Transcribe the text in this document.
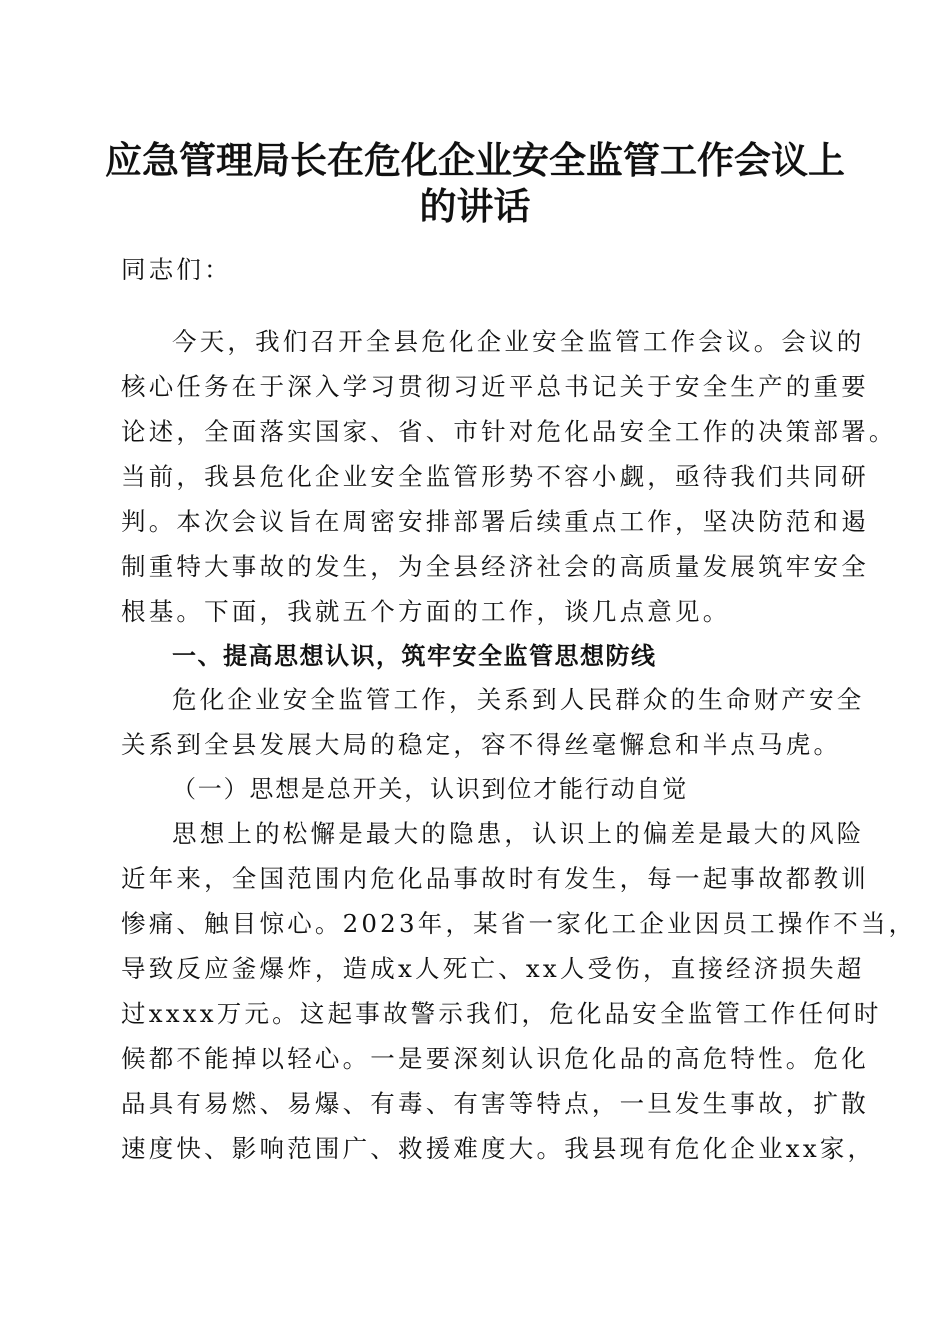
应急管理局长在危化企业安全监管工作会议上
的讲话
同志们：
今天，我们召开全县危化企业安全监管工作会议。会议的
核心任务在于深入学习贯彻习近平总书记关于安全生产的重要
论述，全面落实国家、省、市针对危化品安全工作的决策部署。
当前，我县危化企业安全监管形势不容小觑，亟待我们共同研
判。本次会议旨在周密安排部署后续重点工作，坚决防范和遏
制重特大事故的发生，为全县经济社会的高质量发展筑牢安全
根基。下面，我就五个方面的工作，谈几点意见。
一、提高思想认识，筑牢安全监管思想防线
危化企业安全监管工作，关系到人民群众的生命财产安全
关系到全县发展大局的稳定，容不得丝毫懈怠和半点马虎。
（一）思想是总开关，认识到位才能行动自觉
思想上的松懈是最大的隐患，认识上的偏差是最大的风险
近年来，全国范围内危化品事故时有发生，每一起事故都教训
惨痛、触目惊心。2023年，某省一家化工企业因员工操作不当，
导致反应釜爆炸，造成x人死亡、xx人受伤，直接经济损失超
过xxxx万元。这起事故警示我们，危化品安全监管工作任何时
候都不能掉以轻心。一是要深刻认识危化品的高危特性。危化
品具有易燃、易爆、有毒、有害等特点，一旦发生事故，扩散
速度快、影响范围广、救援难度大。我县现有危化企业xx家，
